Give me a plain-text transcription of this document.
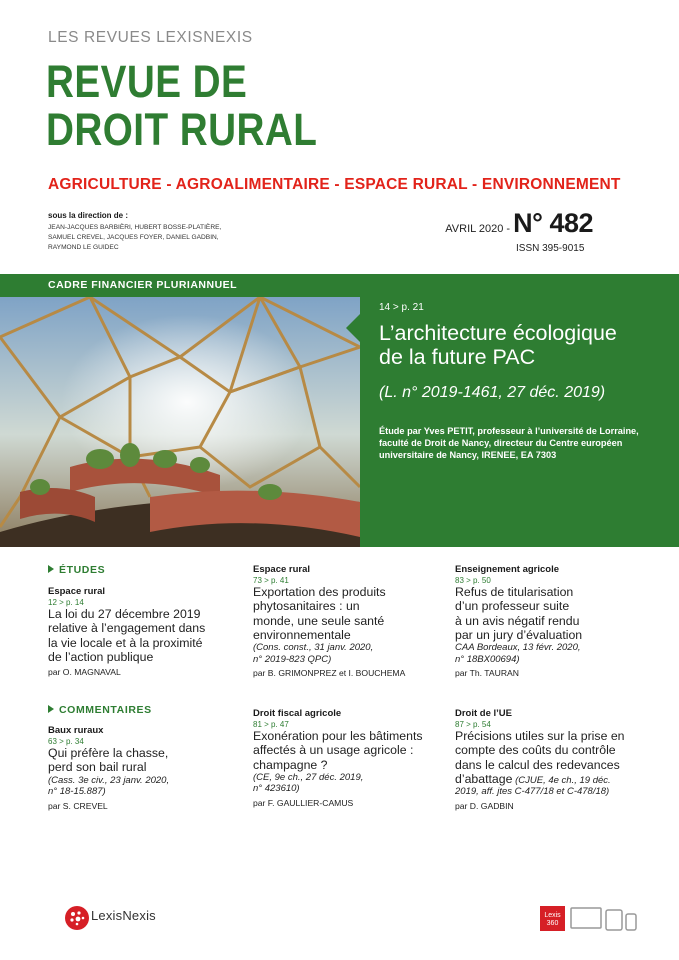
LES REVUES LEXISNEXIS
REVUE DE
DROIT RURAL
AGRICULTURE - AGROALIMENTAIRE - ESPACE RURAL - ENVIRONNEMENT
sous la direction de :
JEAN-JACQUES BARBIÈRI, HUBERT BOSSE-PLATIÈRE,
SAMUEL CREVEL, JACQUES FOYER, DANIEL GADBIN,
RAYMOND LE GUIDEC
AVRIL 2020 - N° 482
ISSN 395-9015
CADRE FINANCIER PLURIANNUEL
14 > p. 21
L’architecture écologique
de la future PAC
(L. n° 2019-1461, 27 déc. 2019)
Étude par Yves PETIT, professeur à l’université de Lorraine,
faculté de Droit de Nancy, directeur du Centre européen
universitaire de Nancy, IRENEE, EA 7303
ÉTUDES
COMMENTAIRES
Espace rural
12 > p. 14
La loi du 27 décembre 2019
relative à l’engagement dans
la vie locale et à la proximité
de l’action publique
par O. MAGNAVAL
Baux ruraux
63 > p. 34
Qui préfère la chasse,
perd son bail rural
(Cass. 3e civ., 23 janv. 2020,
n° 18-15.887)
par S. CREVEL
Espace rural
73 > p. 41
Exportation des produits
phytosanitaires : un
monde, une seule santé
environnementale
(Cons. const., 31 janv. 2020,
n° 2019-823 QPC)
par B. GRIMONPREZ et I. BOUCHEMA
Droit fiscal agricole
81 > p. 47
Exonération pour les bâtiments
affectés à un usage agricole :
champagne ?
(CE, 9e ch., 27 déc. 2019,
n° 423610)
par F. GAULLIER-CAMUS
Enseignement agricole
83 > p. 50
Refus de titularisation
d’un professeur suite
à un avis négatif rendu
par un jury d’évaluation
CAA Bordeaux, 13 févr. 2020,
n° 18BX00694)
par Th. TAURAN
Droit de l’UE
87 > p. 54
Précisions utiles sur la prise en
compte des coûts du contrôle
dans le calcul des redevances
d’abattage (CJUE, 4e ch., 19 déc.
2019, aff. jtes C-477/18 et C-478/18)
par D. GADBIN
LexisNexis	Lexis
360
